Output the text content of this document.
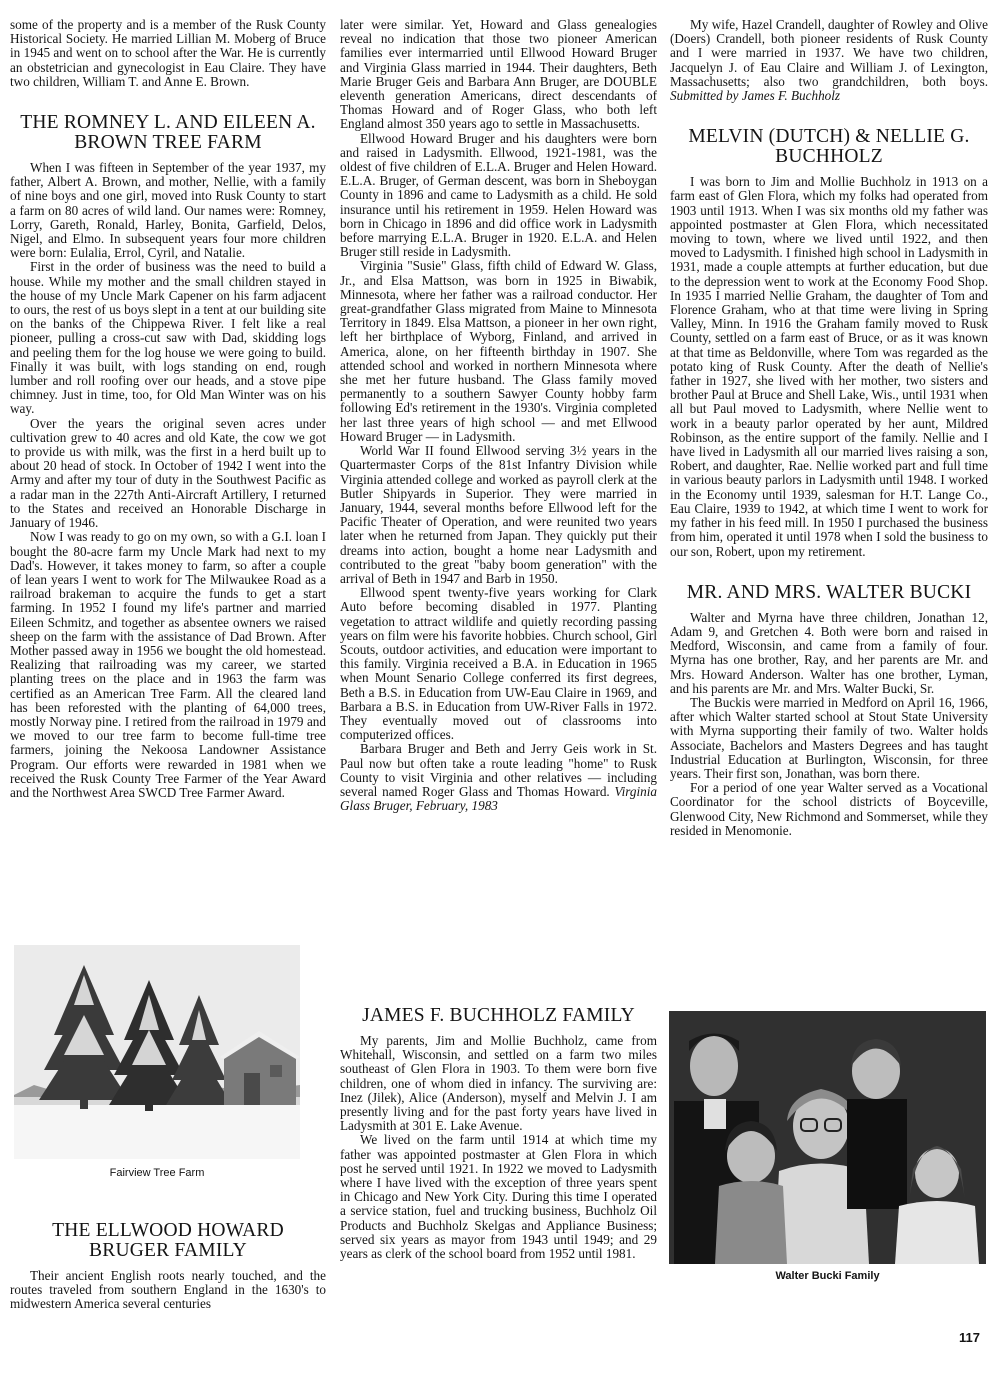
some of the property and is a member of the Rusk County Historical Society. He married Lillian M. Moberg of Bruce in 1945 and went on to school after the War. He is currently an obstetrician and gynecologist in Eau Claire. They have two children, William T. and Anne E. Brown.

THE ROMNEY L. AND EILEEN A. BROWN TREE FARM

When I was fifteen in September of the year 1937, my father, Albert A. Brown, and mother, Nellie, with a family of nine boys and one girl, moved into Rusk County to start a farm on 80 acres of wild land. Our names were: Romney, Lorry, Gareth, Ronald, Harley, Bonita, Garfield, Delos, Nigel, and Elmo. In subsequent years four more children were born: Eulalia, Errol, Cyril, and Natalie.

First in the order of business was the need to build a house. While my mother and the small children stayed in the house of my Uncle Mark Capener on his farm adjacent to ours, the rest of us boys slept in a tent at our building site on the banks of the Chippewa River. I felt like a real pioneer, pulling a cross-cut saw with Dad, skidding logs and peeling them for the log house we were going to build. Finally it was built, with logs standing on end, rough lumber and roll roofing over our heads, and a stove pipe chimney. Just in time, too, for Old Man Winter was on his way.

Over the years the original seven acres under cultivation grew to 40 acres and old Kate, the cow we got to provide us with milk, was the first in a herd built up to about 20 head of stock. In October of 1942 I went into the Army and after my tour of duty in the Southwest Pacific as a radar man in the 227th Anti-Aircraft Artillery, I returned to the States and received an Honorable Discharge in January of 1946.

Now I was ready to go on my own, so with a G.I. loan I bought the 80-acre farm my Uncle Mark had next to my Dad's. However, it takes money to farm, so after a couple of lean years I went to work for The Milwaukee Road as a railroad brakeman to acquire the funds to get a start farming. In 1952 I found my life's partner and married Eileen Schmitz, and together as absentee owners we raised sheep on the farm with the assistance of Dad Brown. After Mother passed away in 1956 we bought the old homestead. Realizing that railroading was my career, we started planting trees on the place and in 1963 the farm was certified as an American Tree Farm. All the cleared land has been reforested with the planting of 64,000 trees, mostly Norway pine. I retired from the railroad in 1979 and we moved to our tree farm to become full-time tree farmers, joining the Nekoosa Landowner Assistance Program. Our efforts were rewarded in 1981 when we received the Rusk County Tree Farmer of the Year Award and the Northwest Area SWCD Tree Farmer Award.

Fairview Tree Farm
THE ELLWOOD HOWARD BRUGER FAMILY

Their ancient English roots nearly touched, and the routes traveled from southern England in the 1630's to midwestern America several centuries

later were similar. Yet, Howard and Glass genealogies reveal no indication that those two pioneer American families ever intermarried until Ellwood Howard Bruger and Virginia Glass married in 1944. Their daughters, Beth Marie Bruger Geis and Barbara Ann Bruger, are DOUBLE eleventh generation Americans, direct descendants of Thomas Howard and of Roger Glass, who both left England almost 350 years ago to settle in Massachusetts.

Ellwood Howard Bruger and his daughters were born and raised in Ladysmith. Ellwood, 1921-1981, was the oldest of five children of E.L.A. Bruger and Helen Howard. E.L.A. Bruger, of German descent, was born in Sheboygan County in 1896 and came to Ladysmith as a child. He sold insurance until his retirement in 1959. Helen Howard was born in Chicago in 1896 and did office work in Ladysmith before marrying E.L.A. Bruger in 1920. E.L.A. and Helen Bruger still reside in Ladysmith.

Virginia "Susie" Glass, fifth child of Edward W. Glass, Jr., and Elsa Mattson, was born in 1925 in Biwabik, Minnesota, where her father was a railroad conductor. Her great-grandfather Glass migrated from Maine to Minnesota Territory in 1849. Elsa Mattson, a pioneer in her own right, left her birthplace of Wyborg, Finland, and arrived in America, alone, on her fifteenth birthday in 1907. She attended school and worked in northern Minnesota where she met her future husband. The Glass family moved permanently to a southern Sawyer County hobby farm following Ed's retirement in the 1930's. Virginia completed her last three years of high school — and met Ellwood Howard Bruger — in Ladysmith.

World War II found Ellwood serving 3½ years in the Quartermaster Corps of the 81st Infantry Division while Virginia attended college and worked as payroll clerk at the Butler Shipyards in Superior. They were married in January, 1944, several months before Ellwood left for the Pacific Theater of Operation, and were reunited two years later when he returned from Japan. They quickly put their dreams into action, bought a home near Ladysmith and contributed to the great "baby boom generation" with the arrival of Beth in 1947 and Barb in 1950.

Ellwood spent twenty-five years working for Clark Auto before becoming disabled in 1977. Planting vegetation to attract wildlife and quietly recording passing years on film were his favorite hobbies. Church school, Girl Scouts, outdoor activities, and education were important to this family. Virginia received a B.A. in Education in 1965 when Mount Senario College conferred its first degrees, Beth a B.S. in Education from UW-Eau Claire in 1969, and Barbara a B.S. in Education from UW-River Falls in 1972. They eventually moved out of classrooms into computerized offices.

Barbara Bruger and Beth and Jerry Geis work in St. Paul now but often take a route leading "home" to Rusk County to visit Virginia and other relatives — including several named Roger Glass and Thomas Howard. Virginia Glass Bruger, February, 1983

JAMES F. BUCHHOLZ FAMILY

My parents, Jim and Mollie Buchholz, came from Whitehall, Wisconsin, and settled on a farm two miles southeast of Glen Flora in 1903. To them were born five children, one of whom died in infancy. The surviving are: Inez (Jilek), Alice (Anderson), myself and Melvin J. I am presently living and for the past forty years have lived in Ladysmith at 301 E. Lake Avenue.

We lived on the farm until 1914 at which time my father was appointed postmaster at Glen Flora in which post he served until 1921. In 1922 we moved to Ladysmith where I have lived with the exception of three years spent in Chicago and New York City. During this time I operated a service station, fuel and trucking business, Buchholz Oil Products and Buchholz Skelgas and Appliance Business; served six years as mayor from 1943 until 1949; and 29 years as clerk of the school board from 1952 until 1981.

My wife, Hazel Crandell, daughter of Rowley and Olive (Doers) Crandell, both pioneer residents of Rusk County and I were married in 1937. We have two children, Jacquelyn J. of Eau Claire and William J. of Lexington, Massachusetts; also two grandchildren, both boys. Submitted by James F. Buchholz

MELVIN (DUTCH) & NELLIE G. BUCHHOLZ

I was born to Jim and Mollie Buchholz in 1913 on a farm east of Glen Flora, which my folks had operated from 1903 until 1913. When I was six months old my father was appointed postmaster at Glen Flora, which necessitated moving to town, where we lived until 1922, and then moved to Ladysmith. I finished high school in Ladysmith in 1931, made a couple attempts at further education, but due to the depression went to work at the Economy Food Shop. In 1935 I married Nellie Graham, the daughter of Tom and Florence Graham, who at that time were living in Spring Valley, Minn. In 1916 the Graham family moved to Rusk County, settled on a farm east of Bruce, or as it was known at that time as Beldonville, where Tom was regarded as the potato king of Rusk County. After the death of Nellie's father in 1927, she lived with her mother, two sisters and brother Paul at Bruce and Shell Lake, Wis., until 1931 when all but Paul moved to Ladysmith, where Nellie went to work in a beauty parlor operated by her aunt, Mildred Robinson, as the entire support of the family. Nellie and I have lived in Ladysmith all our married lives raising a son, Robert, and daughter, Rae. Nellie worked part and full time in various beauty parlors in Ladysmith until 1948. I worked in the Economy until 1939, salesman for H.T. Lange Co., Eau Claire, 1939 to 1942, at which time I went to work for my father in his feed mill. In 1950 I purchased the business from him, operated it until 1978 when I sold the business to our son, Robert, upon my retirement.

MR. AND MRS. WALTER BUCKI

Walter and Myrna have three children, Jonathan 12, Adam 9, and Gretchen 4. Both were born and raised in Medford, Wisconsin, and came from a family of four. Myrna has one brother, Ray, and her parents are Mr. and Mrs. Howard Anderson. Walter has one brother, Lyman, and his parents are Mr. and Mrs. Walter Bucki, Sr.

The Buckis were married in Medford on April 16, 1966, after which Walter started school at Stout State University with Myrna supporting their family of two. Walter holds Associate, Bachelors and Masters Degrees and has taught Industrial Education at Burlington, Wisconsin, for three years. Their first son, Jonathan, was born there.

For a period of one year Walter served as a Vocational Coordinator for the school districts of Boyceville, Glenwood City, New Richmond and Sommerset, while they resided in Menomonie.

Walter Bucki Family
117
